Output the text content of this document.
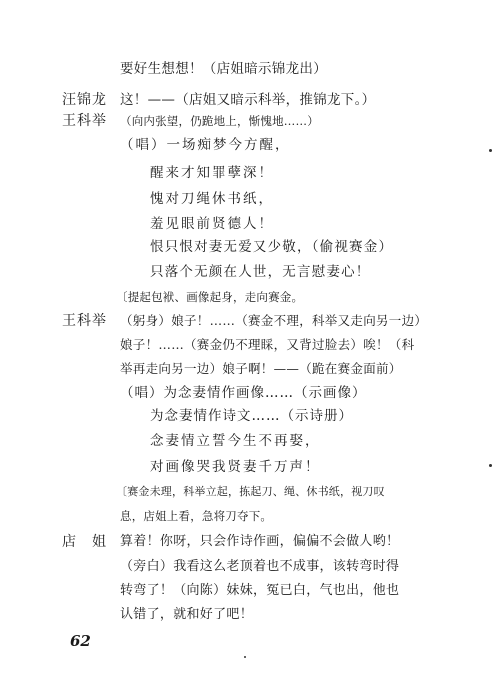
要好生想想！（店姐暗示锦龙出）
汪锦龙 这！——（店姐又暗示科举，推锦龙下。）
王科举 （向内张望，仍跪地上，惭愧地……）
（唱）一场痴梦今方醒，
醒来才知罪孽深！
愧对刀绳休书纸，
羞见眼前贤德人！
恨只恨对妻无爱又少敬，（偷视赛金）
只落个无颜在人世，无言慰妻心！
〔提起包袱、画像起身，走向赛金。
王科举 （躬身）娘子！……（赛金不理，科举又走向另一边）
娘子！……（赛金仍不理睬，又背过脸去）唉！（科
举再走向另一边）娘子啊！——（跪在赛金面前）
（唱）为念妻情作画像……（示画像）
为念妻情作诗文……（示诗册）
念妻情立誓今生不再娶，
对画像哭我贤妻千万声！
〔赛金未理，科举立起，拣起刀、绳、休书纸，视刀叹
息，店姐上看，急将刀夺下。
店　姐 算着！你呀，只会作诗作画，偏偏不会做人哟！
（旁白）我看这么老顶着也不成事，该转弯时得
转弯了！（向陈）妹妹，冤已白，气也出，他也
认错了，就和好了吧！
62
